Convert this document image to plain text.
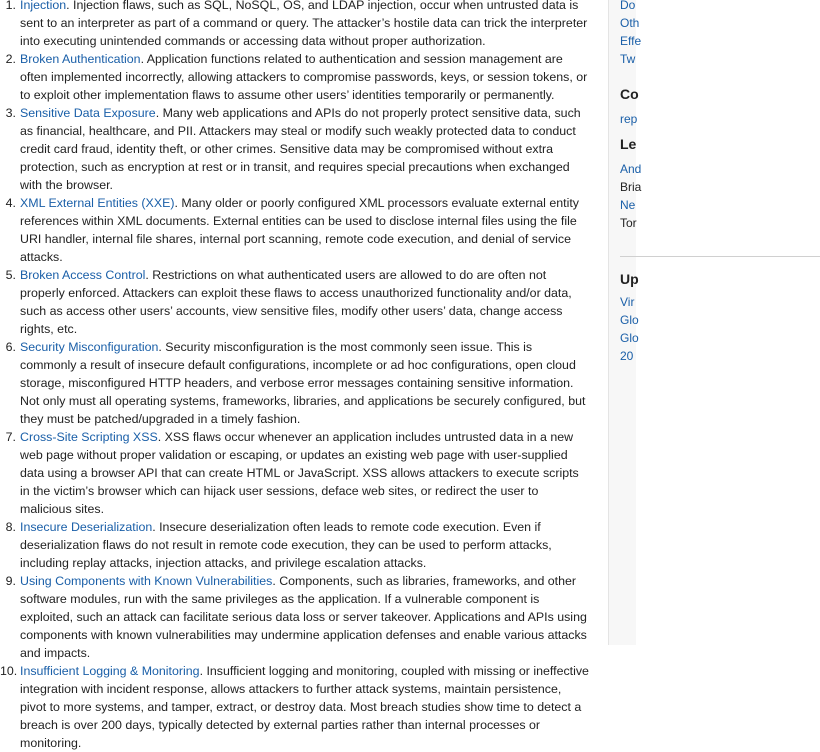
1. Injection. Injection flaws, such as SQL, NoSQL, OS, and LDAP injection, occur when untrusted data is sent to an interpreter as part of a command or query. The attacker’s hostile data can trick the interpreter into executing unintended commands or accessing data without proper authorization.
2. Broken Authentication. Application functions related to authentication and session management are often implemented incorrectly, allowing attackers to compromise passwords, keys, or session tokens, or to exploit other implementation flaws to assume other users’ identities temporarily or permanently.
3. Sensitive Data Exposure. Many web applications and APIs do not properly protect sensitive data, such as financial, healthcare, and PII. Attackers may steal or modify such weakly protected data to conduct credit card fraud, identity theft, or other crimes. Sensitive data may be compromised without extra protection, such as encryption at rest or in transit, and requires special precautions when exchanged with the browser.
4. XML External Entities (XXE). Many older or poorly configured XML processors evaluate external entity references within XML documents. External entities can be used to disclose internal files using the file URI handler, internal file shares, internal port scanning, remote code execution, and denial of service attacks.
5. Broken Access Control. Restrictions on what authenticated users are allowed to do are often not properly enforced. Attackers can exploit these flaws to access unauthorized functionality and/or data, such as access other users’ accounts, view sensitive files, modify other users’ data, change access rights, etc.
6. Security Misconfiguration. Security misconfiguration is the most commonly seen issue. This is commonly a result of insecure default configurations, incomplete or ad hoc configurations, open cloud storage, misconfigured HTTP headers, and verbose error messages containing sensitive information. Not only must all operating systems, frameworks, libraries, and applications be securely configured, but they must be patched/upgraded in a timely fashion.
7. Cross-Site Scripting XSS. XSS flaws occur whenever an application includes untrusted data in a new web page without proper validation or escaping, or updates an existing web page with user-supplied data using a browser API that can create HTML or JavaScript. XSS allows attackers to execute scripts in the victim’s browser which can hijack user sessions, deface web sites, or redirect the user to malicious sites.
8. Insecure Deserialization. Insecure deserialization often leads to remote code execution. Even if deserialization flaws do not result in remote code execution, they can be used to perform attacks, including replay attacks, injection attacks, and privilege escalation attacks.
9. Using Components with Known Vulnerabilities. Components, such as libraries, frameworks, and other software modules, run with the same privileges as the application. If a vulnerable component is exploited, such an attack can facilitate serious data loss or server takeover. Applications and APIs using components with known vulnerabilities may undermine application defenses and enable various attacks and impacts.
10. Insufficient Logging & Monitoring. Insufficient logging and monitoring, coupled with missing or ineffective integration with incident response, allows attackers to further attack systems, maintain persistence, pivot to more systems, and tamper, extract, or destroy data. Most breach studies show time to detect a breach is over 200 days, typically detected by external parties rather than internal processes or monitoring.
Do
Oth
Effe
Tw
Co
rep
Le
And
Bria
Ne
Tor
Up
Vir
Glo
Glo
20
